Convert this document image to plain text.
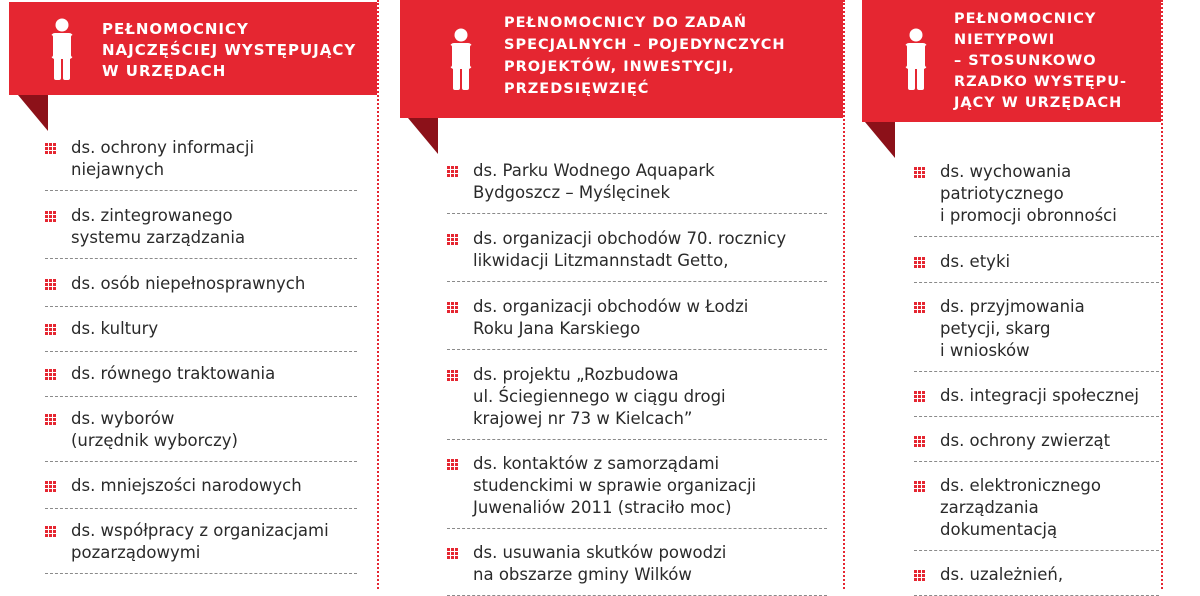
PEŁNOMOCNICY
NAJCZĘŚCIEJ WYSTĘPUJĄCY
W URZĘDACH
ds. ochrony informacji
niejawnych
ds. zintegrowanego
systemu zarządzania
ds. osób niepełnosprawnych
ds. kultury
ds. równego traktowania
ds. wyborów
(urzędnik wyborczy)
ds. mniejszości narodowych
ds. współpracy z organizacjami
pozarządowymi
PEŁNOMOCNICY DO ZADAŃ
SPECJALNYCH – POJEDYNCZYCH
PROJEKTÓW, INWESTYCJI,
PRZEDSIĘWZIĘĆ
ds. Parku Wodnego Aquapark
Bydgoszcz – Myślęcinek
ds. organizacji obchodów 70. rocznicy
likwidacji Litzmannstadt Getto,
ds. organizacji obchodów w Łodzi
Roku Jana Karskiego
ds. projektu „Rozbudowa
ul. Ściegiennego w ciągu drogi
krajowej nr 73 w Kielcach”
ds. kontaktów z samorządami
studenckimi w sprawie organizacji
Juwenaliów 2011 (straciło moc)
ds. usuwania skutków powodzi
na obszarze gminy Wilków
PEŁNOMOCNICY
NIETYPOWI
– STOSUNKOWO
RZADKO WYSTĘPU-
JĄCY W URZĘDACH
ds. wychowania
patriotycznego
i promocji obronności
ds. etyki
ds. przyjmowania
petycji, skarg
i wniosków
ds. integracji społecznej
ds. ochrony zwierząt
ds. elektronicznego
zarządzania
dokumentacją
ds. uzależnień,
